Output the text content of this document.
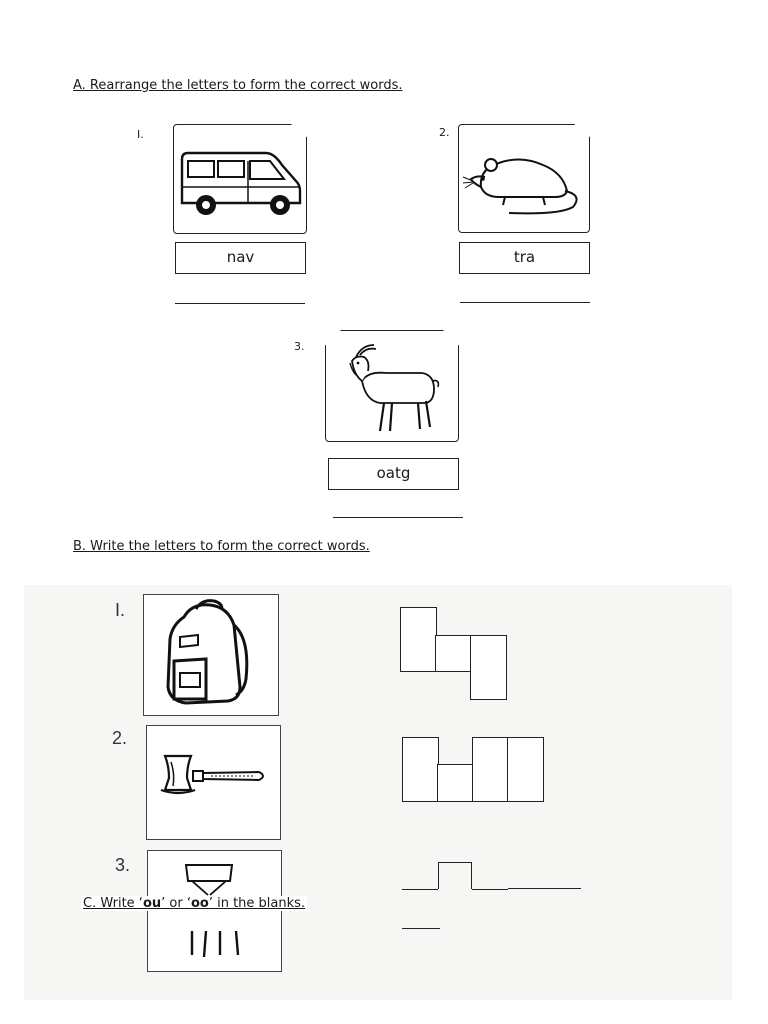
A. Rearrange the letters to form the correct words.
I.
nav
2.
tra
3.
oatg
B. Write the letters to form the correct words.
I.
2.
3.
C. Write ‘ou’ or ‘oo’ in the blanks.
